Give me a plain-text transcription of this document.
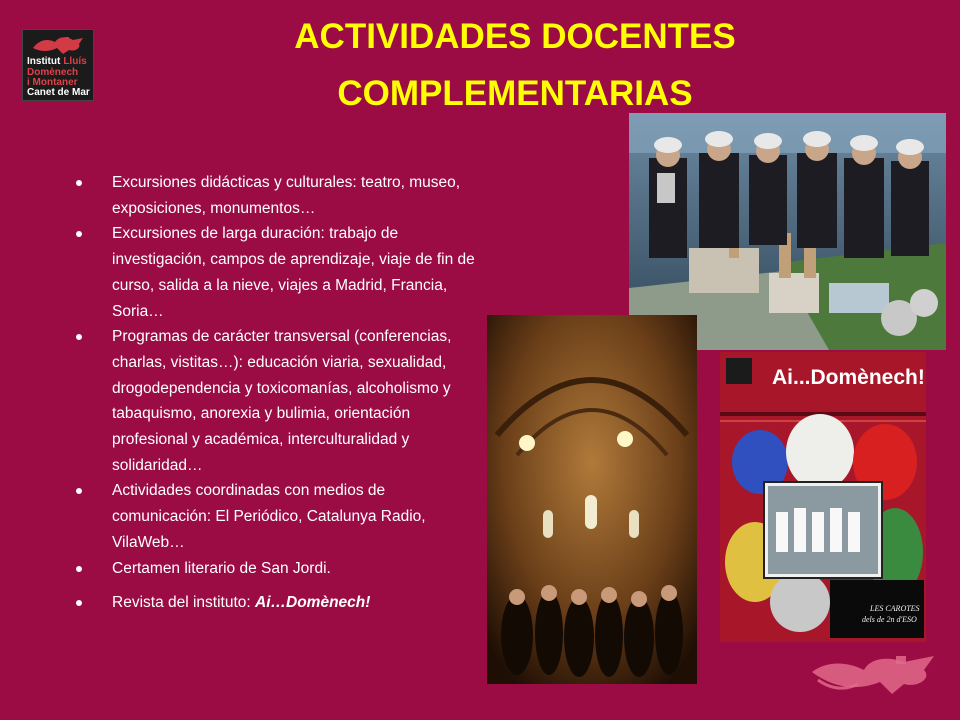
Institut Lluís
Domènech
i Montaner
Canet de Mar
ACTIVIDADES DOCENTES
COMPLEMENTARIAS
Excursiones didácticas y culturales: teatro, museo, exposiciones, monumentos…
Excursiones de larga duración: trabajo de investigación, campos de aprendizaje, viaje de fin de curso, salida a la nieve, viajes a Madrid, Francia, Soria…
Programas de carácter transversal (conferencias, charlas, vistitas…): educación viaria, sexualidad, drogodependencia y toxicomanías, alcoholismo y tabaquismo, anorexia y bulimia, orientación profesional y académica, interculturalidad y solidaridad…
Actividades coordinadas con medios de comunicación: El Periódico, Catalunya Radio, VilaWeb…
Certamen literario de San Jordi.
Revista del instituto: Ai…Domènech!
Ai...Domènech!
LES CAROTES
dels de 2n d'ESO
